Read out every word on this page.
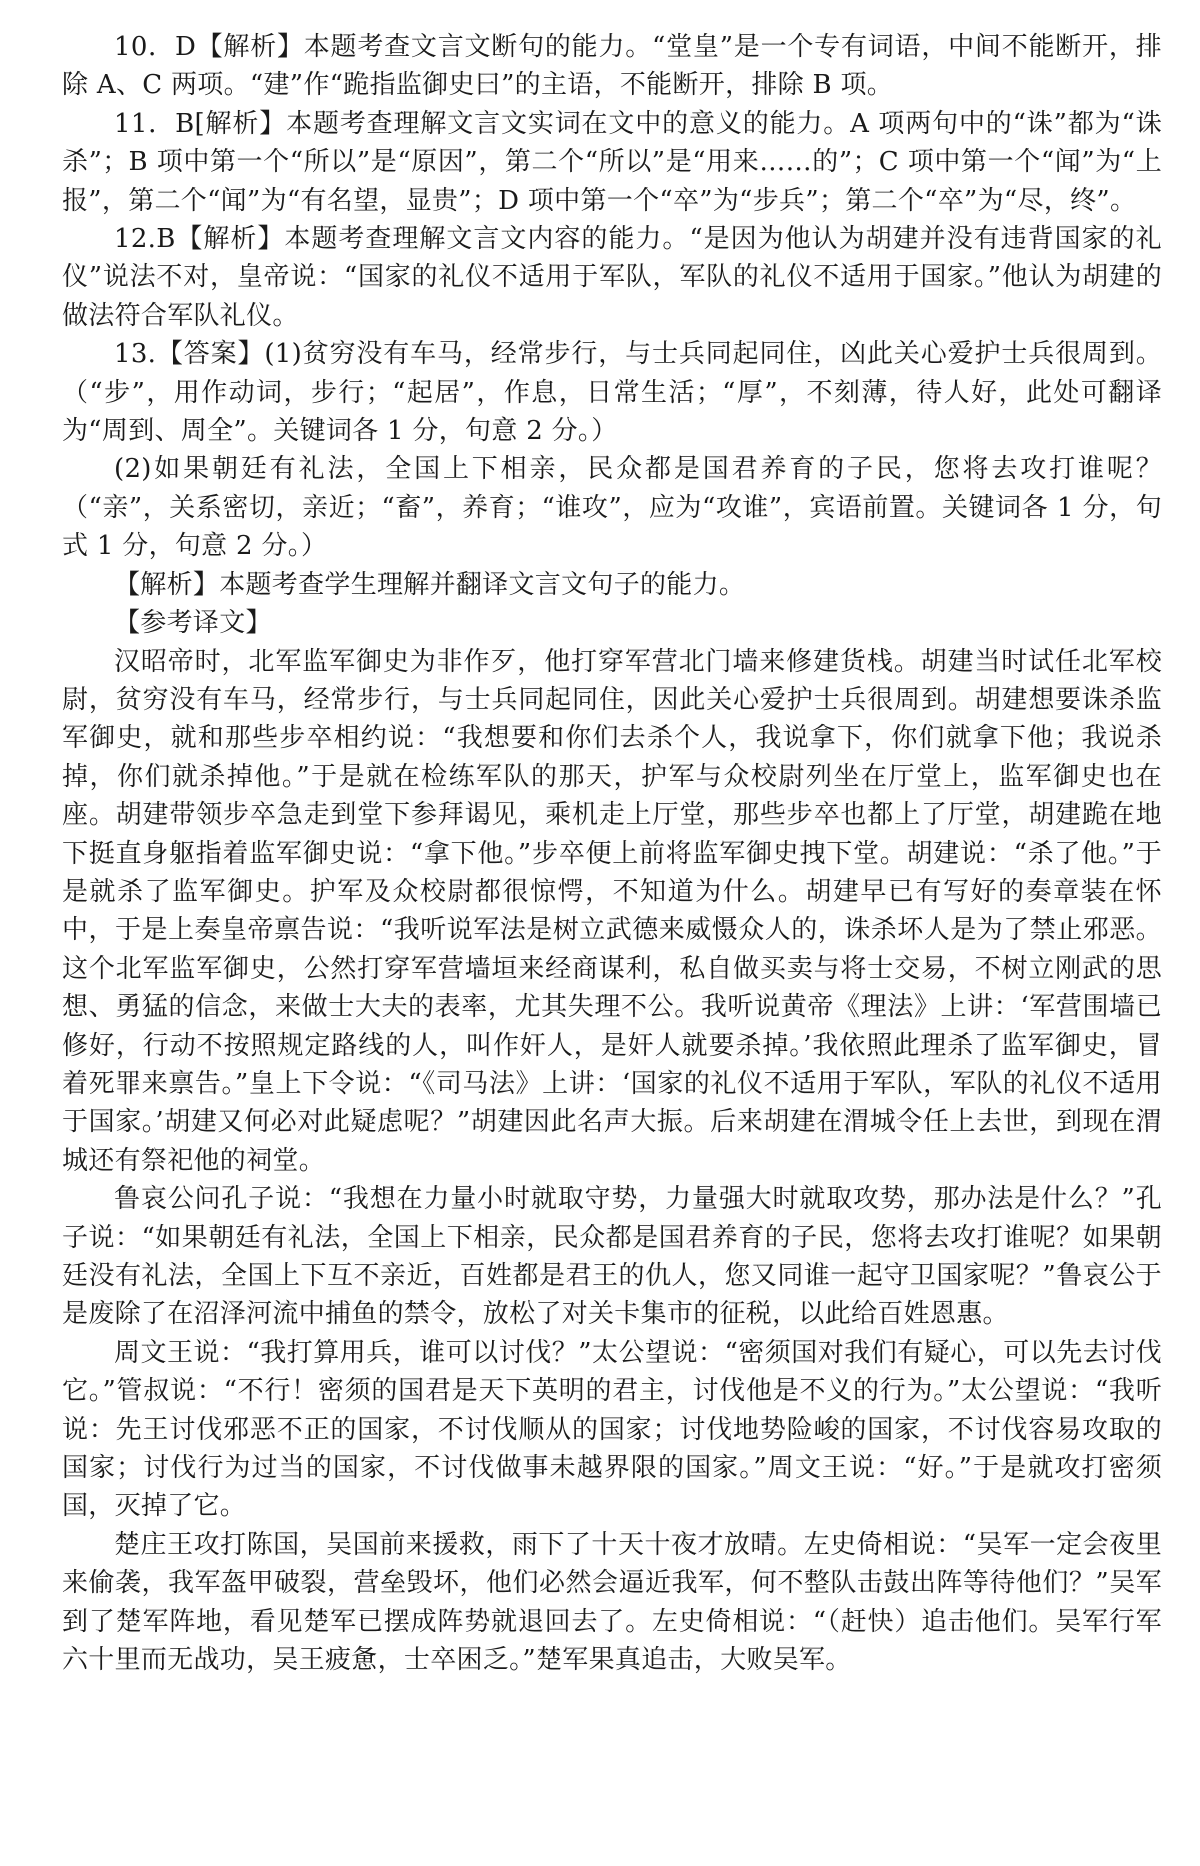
10．D【解析】本题考查文言文断句的能力。“堂皇”是一个专有词语，中间不能断开，排除 A、C 两项。“建”作“跪指监御史曰”的主语，不能断开，排除 B 项。

11．B[解析】本题考查理解文言文实词在文中的意义的能力。A 项两句中的“诛”都为“诛杀”；B 项中第一个“所以”是“原因”，第二个“所以”是“用来……的”；C 项中第一个“闻”为“上报”，第二个“闻”为“有名望，显贵”；D 项中第一个“卒”为“步兵”；第二个“卒”为“尽，终”。

12.B【解析】本题考查理解文言文内容的能力。“是因为他认为胡建并没有违背国家的礼仪”说法不对，皇帝说：“国家的礼仪不适用于军队，军队的礼仪不适用于国家。”他认为胡建的做法符合军队礼仪。

13.【答案】(1)贫穷没有车马，经常步行，与士兵同起同住，凶此关心爱护士兵很周到。（“步”，用作动词，步行；“起居”，作息，日常生活；“厚”，不刻薄，待人好，此处可翻译为“周到、周全”。关键词各 1 分，句意 2 分。）

(2)如果朝廷有礼法，全国上下相亲，民众都是国君养育的子民，您将去攻打谁呢？（“亲”，关系密切，亲近；“畜”，养育；“谁攻”，应为“攻谁”，宾语前置。关键词各 1 分，句式 1 分，句意 2 分。）

【解析】本题考查学生理解并翻译文言文句子的能力。

【参考译文】

汉昭帝时，北军监军御史为非作歹，他打穿军营北门墙来修建货栈。胡建当时试任北军校尉，贫穷没有车马，经常步行，与士兵同起同住，因此关心爱护士兵很周到。胡建想要诛杀监军御史，就和那些步卒相约说：“我想要和你们去杀个人，我说拿下，你们就拿下他；我说杀掉，你们就杀掉他。”于是就在检练军队的那天，护军与众校尉列坐在厅堂上，监军御史也在座。胡建带领步卒急走到堂下参拜谒见，乘机走上厅堂，那些步卒也都上了厅堂，胡建跪在地下挺直身躯指着监军御史说：“拿下他。”步卒便上前将监军御史拽下堂。胡建说：“杀了他。”于是就杀了监军御史。护军及众校尉都很惊愕，不知道为什么。胡建早已有写好的奏章装在怀中，于是上奏皇帝禀告说：“我听说军法是树立武德来威慑众人的，诛杀坏人是为了禁止邪恶。这个北军监军御史，公然打穿军营墙垣来经商谋利，私自做买卖与将士交易，不树立刚武的思想、勇猛的信念，来做士大夫的表率，尤其失理不公。我听说黄帝《理法》上讲：‘军营围墙已修好，行动不按照规定路线的人，叫作奸人，是奸人就要杀掉。’我依照此理杀了监军御史，冒着死罪来禀告。”皇上下令说：“《司马法》上讲：‘国家的礼仪不适用于军队，军队的礼仪不适用于国家。’胡建又何必对此疑虑呢？”胡建因此名声大振。后来胡建在渭城令任上去世，到现在渭城还有祭祀他的祠堂。

鲁哀公问孔子说：“我想在力量小时就取守势，力量强大时就取攻势，那办法是什么？”孔子说：“如果朝廷有礼法，全国上下相亲，民众都是国君养育的子民，您将去攻打谁呢？如果朝廷没有礼法，全国上下互不亲近，百姓都是君王的仇人，您又同谁一起守卫国家呢？”鲁哀公于是废除了在沼泽河流中捕鱼的禁令，放松了对关卡集市的征税，以此给百姓恩惠。

周文王说：“我打算用兵，谁可以讨伐？”太公望说：“密须国对我们有疑心，可以先去讨伐它。”管叔说：“不行！密须的国君是天下英明的君主，讨伐他是不义的行为。”太公望说：“我听说：先王讨伐邪恶不正的国家，不讨伐顺从的国家；讨伐地势险峻的国家，不讨伐容易攻取的国家；讨伐行为过当的国家，不讨伐做事未越界限的国家。”周文王说：“好。”于是就攻打密须国，灭掉了它。

楚庄王攻打陈国，吴国前来援救，雨下了十天十夜才放晴。左史倚相说：“吴军一定会夜里来偷袭，我军盔甲破裂，营垒毁坏，他们必然会逼近我军，何不整队击鼓出阵等待他们？”吴军到了楚军阵地，看见楚军已摆成阵势就退回去了。左史倚相说：“（赶快）追击他们。吴军行军六十里而无战功，吴王疲惫，士卒困乏。”楚军果真追击，大败吴军。
